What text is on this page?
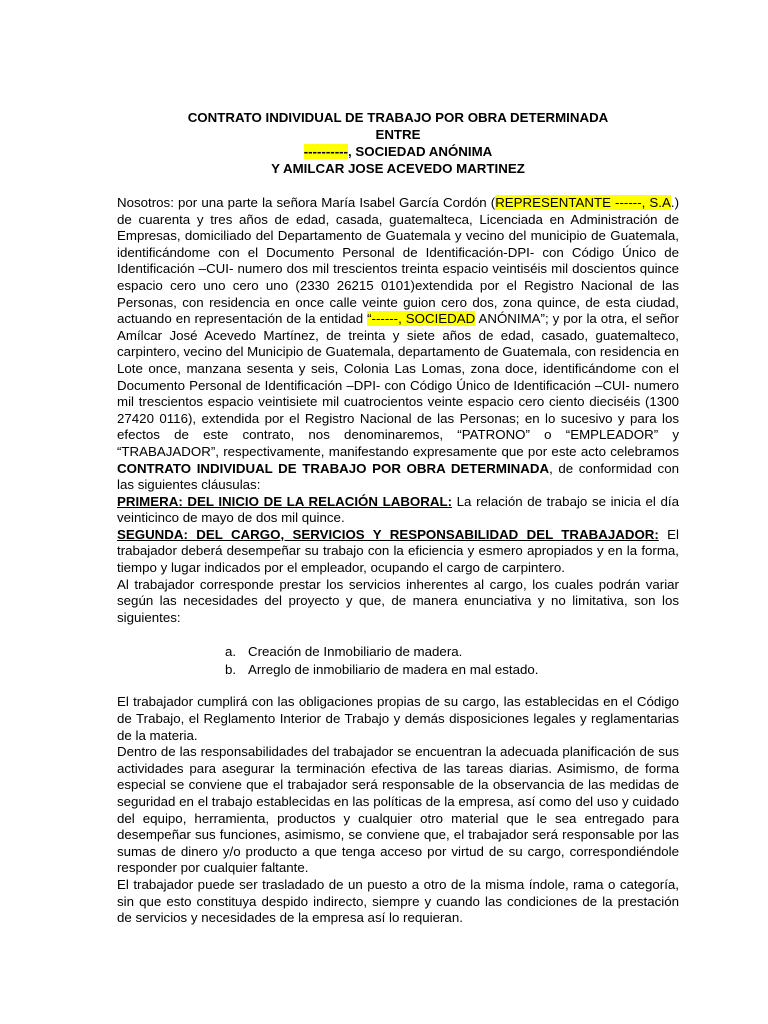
CONTRATO INDIVIDUAL DE TRABAJO POR OBRA DETERMINADA
ENTRE
----------, SOCIEDAD ANÓNIMA
Y AMILCAR JOSE ACEVEDO MARTINEZ

Nosotros: por una parte la señora María Isabel García Cordón (REPRESENTANTE ------, S.A.) de cuarenta y tres años de edad, casada, guatemalteca, Licenciada en Administración de Empresas, domiciliado del Departamento de Guatemala y vecino del municipio de Guatemala, identificándome con el Documento Personal de Identificación-DPI- con Código Único de Identificación –CUI- numero dos mil trescientos treinta espacio veintiséis mil doscientos quince espacio cero uno cero uno (2330 26215 0101)extendida por el Registro Nacional de las Personas, con residencia en once calle veinte guion cero dos, zona quince, de esta ciudad, actuando en representación de la entidad “------, SOCIEDAD ANÓNIMA”; y por la otra, el señor Amílcar José Acevedo Martínez, de treinta y siete años de edad, casado, guatemalteco, carpintero, vecino del Municipio de Guatemala, departamento de Guatemala, con residencia en Lote once, manzana sesenta y seis, Colonia Las Lomas, zona doce, identificándome con el Documento Personal de Identificación –DPI- con Código Único de Identificación –CUI- numero mil trescientos espacio veintisiete mil cuatrocientos veinte espacio cero ciento dieciséis (1300 27420 0116), extendida por el Registro Nacional de las Personas; en lo sucesivo y para los efectos de este contrato, nos denominaremos, “PATRONO” o “EMPLEADOR” y “TRABAJADOR”, respectivamente, manifestando expresamente que por este acto celebramos CONTRATO INDIVIDUAL DE TRABAJO POR OBRA DETERMINADA, de conformidad con las siguientes cláusulas:

PRIMERA: DEL INICIO DE LA RELACIÓN LABORAL: La relación de trabajo se inicia el día veinticinco de mayo de dos mil quince.

SEGUNDA: DEL CARGO, SERVICIOS Y RESPONSABILIDAD DEL TRABAJADOR: El trabajador deberá desempeñar su trabajo con la eficiencia y esmero apropiados y en la forma, tiempo y lugar indicados por el empleador, ocupando el cargo de carpintero.

Al trabajador corresponde prestar los servicios inherentes al cargo, los cuales podrán variar según las necesidades del proyecto y que, de manera enunciativa y no limitativa, son los siguientes:

a. Creación de Inmobiliario de madera.
b. Arreglo de inmobiliario de madera en mal estado.

El trabajador cumplirá con las obligaciones propias de su cargo, las establecidas en el Código de Trabajo, el Reglamento Interior de Trabajo y demás disposiciones legales y reglamentarias de la materia.

Dentro de las responsabilidades del trabajador se encuentran la adecuada planificación de sus actividades para asegurar la terminación efectiva de las tareas diarias. Asimismo, de forma especial se conviene que el trabajador será responsable de la observancia de las medidas de seguridad en el trabajo establecidas en las políticas de la empresa, así como del uso y cuidado del equipo, herramienta, productos y cualquier otro material que le sea entregado para desempeñar sus funciones, asimismo, se conviene que, el trabajador será responsable por las sumas de dinero y/o producto a que tenga acceso por virtud de su cargo, correspondiéndole responder por cualquier faltante.

El trabajador puede ser trasladado de un puesto a otro de la misma índole, rama o categoría, sin que esto constituya despido indirecto, siempre y cuando las condiciones de la prestación de servicios y necesidades de la empresa así lo requieran.
